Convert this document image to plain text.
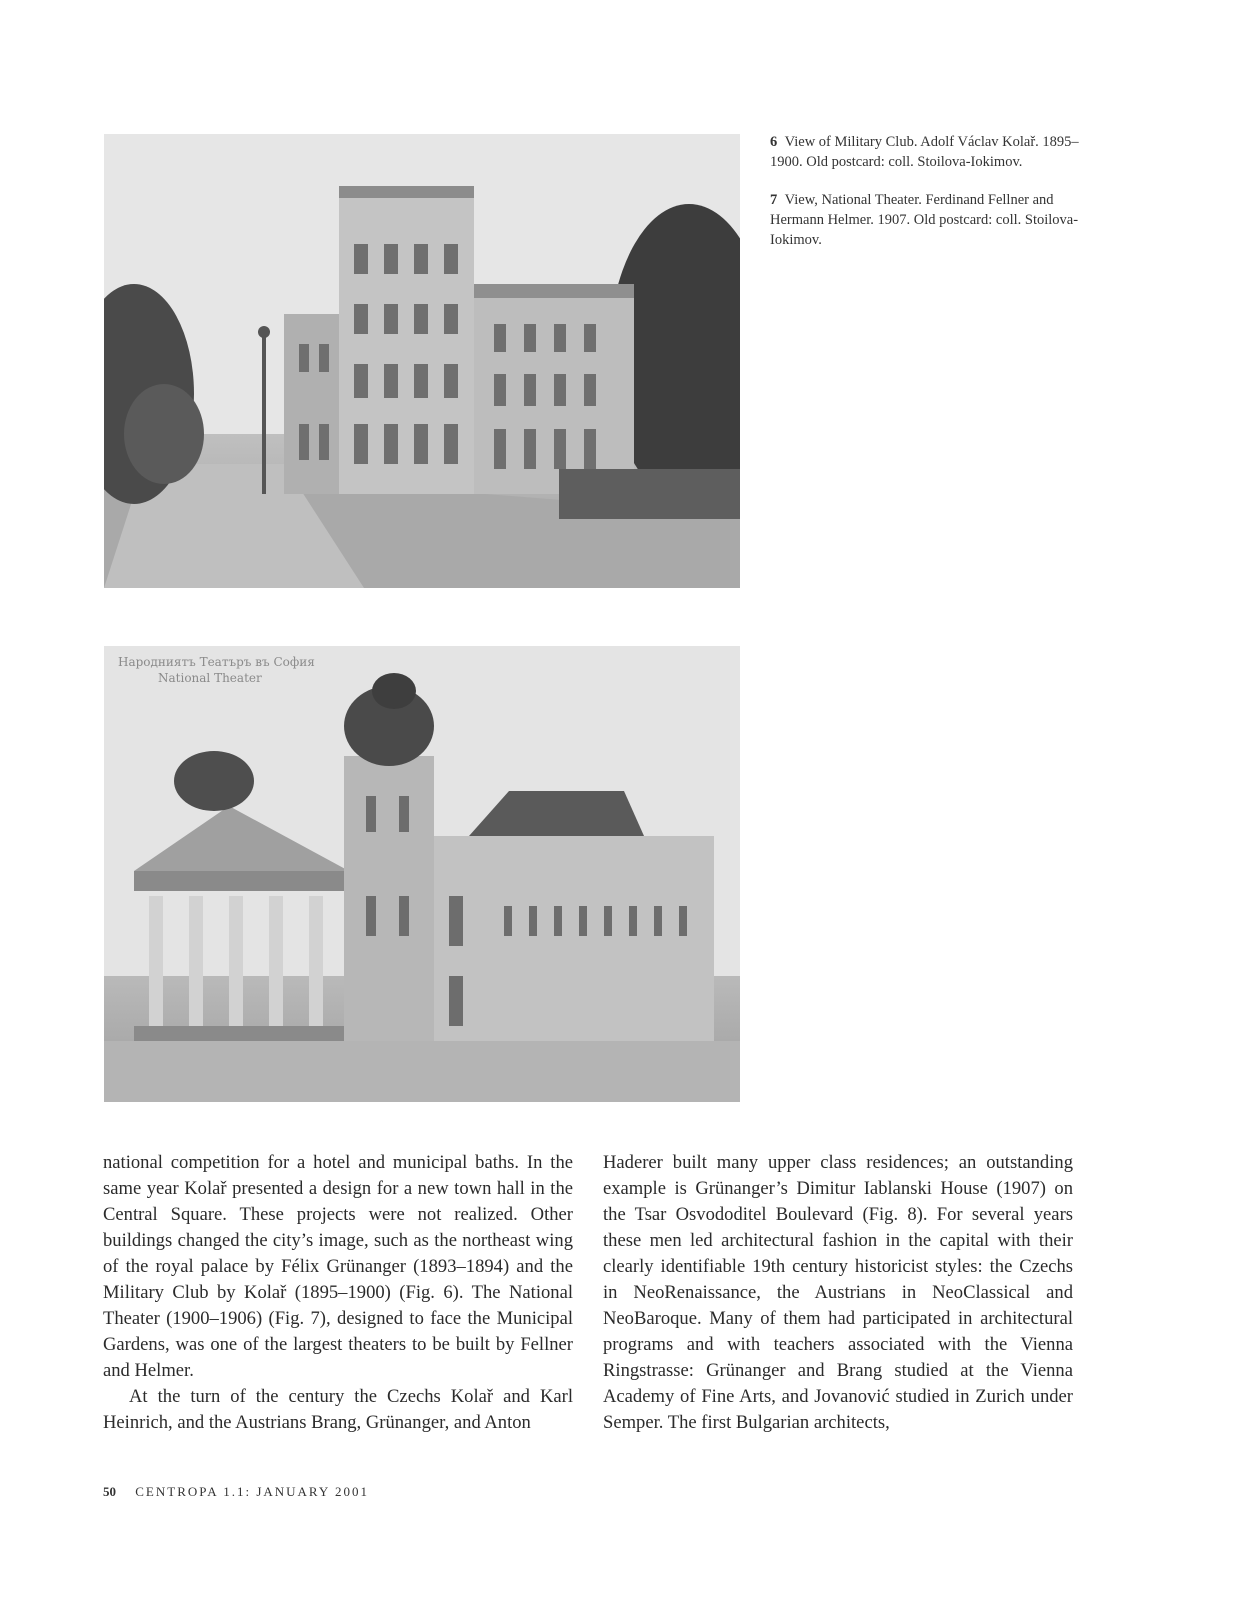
Народниятъ Театъръ въ София
National Theater

6 View of Military Club. Adolf Václav Kolař. 1895–1900. Old postcard: coll. Stoilova-Iokimov.

7 View, National Theater. Ferdinand Fellner and Hermann Helmer. 1907. Old postcard: coll. Stoilova-Iokimov.

national competition for a hotel and municipal baths. In the same year Kolař presented a design for a new town hall in the Central Square. These projects were not realized. Other buildings changed the city’s image, such as the northeast wing of the royal palace by Félix Grünanger (1893–1894) and the Military Club by Kolař (1895–1900) (Fig. 6). The National Theater (1900–1906) (Fig. 7), designed to face the Municipal Gardens, was one of the largest theaters to be built by Fellner and Helmer.

At the turn of the century the Czechs Kolař and Karl Heinrich, and the Austrians Brang, Grünanger, and Anton

Haderer built many upper class residences; an outstanding example is Grünanger’s Dimitur Iablanski House (1907) on the Tsar Osvododitel Boulevard (Fig. 8). For several years these men led architectural fashion in the capital with their clearly identifiable 19th century historicist styles: the Czechs in NeoRenaissance, the Austrians in NeoClassical and NeoBaroque. Many of them had participated in architectural programs and with teachers associated with the Vienna Ringstrasse: Grünanger and Brang studied at the Vienna Academy of Fine Arts, and Jovanović studied in Zurich under Semper. The first Bulgarian architects,

50 CENTROPA 1.1: JANUARY 2001
